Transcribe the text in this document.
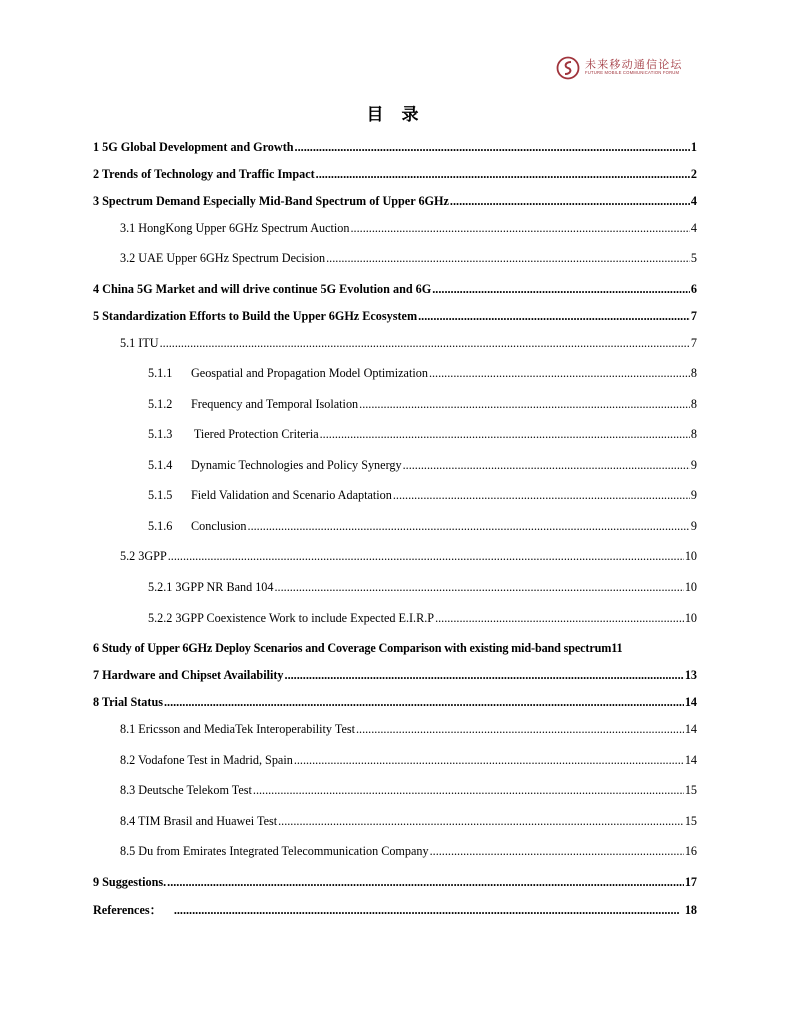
未来移动通信论坛
FUTURE MOBILE COMMUNICATION FORUM
目 录
1 5G Global Development and Growth .....	1
2 Trends of Technology and Traffic Impact .....	2
3 Spectrum Demand Especially Mid-Band Spectrum of Upper 6GHz .....	4
3.1 HongKong Upper 6GHz Spectrum Auction .....	4
3.2 UAE Upper 6GHz Spectrum Decision .....	5
4 China 5G Market and will drive continue 5G Evolution and 6G .....	6
5 Standardization Efforts to Build the Upper 6GHz Ecosystem .....	7
5.1 ITU .....	7
5.1.1	Geospatial and Propagation Model Optimization .....	8
5.1.2	Frequency and Temporal Isolation .....	8
5.1.3	Tiered Protection Criteria .....	8
5.1.4	Dynamic Technologies and Policy Synergy .....	9
5.1.5	Field Validation and Scenario Adaptation .....	9
5.1.6	Conclusion .....	9
5.2 3GPP .....	10
5.2.1 3GPP NR Band 104 .....	10
5.2.2 3GPP Coexistence Work to include Expected E.I.R.P .....	10
6 Study of Upper 6GHz Deploy Scenarios and Coverage Comparison with existing mid-band spectrum 11
7 Hardware and Chipset Availability .....	13
8 Trial Status .....	14
8.1 Ericsson and MediaTek Interoperability Test .....	14
8.2 Vodafone Test in Madrid, Spain .....	14
8.3 Deutsche Telekom Test .....	15
8.4 TIM Brasil and Huawei Test .....	15
8.5 Du from Emirates Integrated Telecommunication Company .....	16
9 Suggestions. .....	17
References： .....	18
